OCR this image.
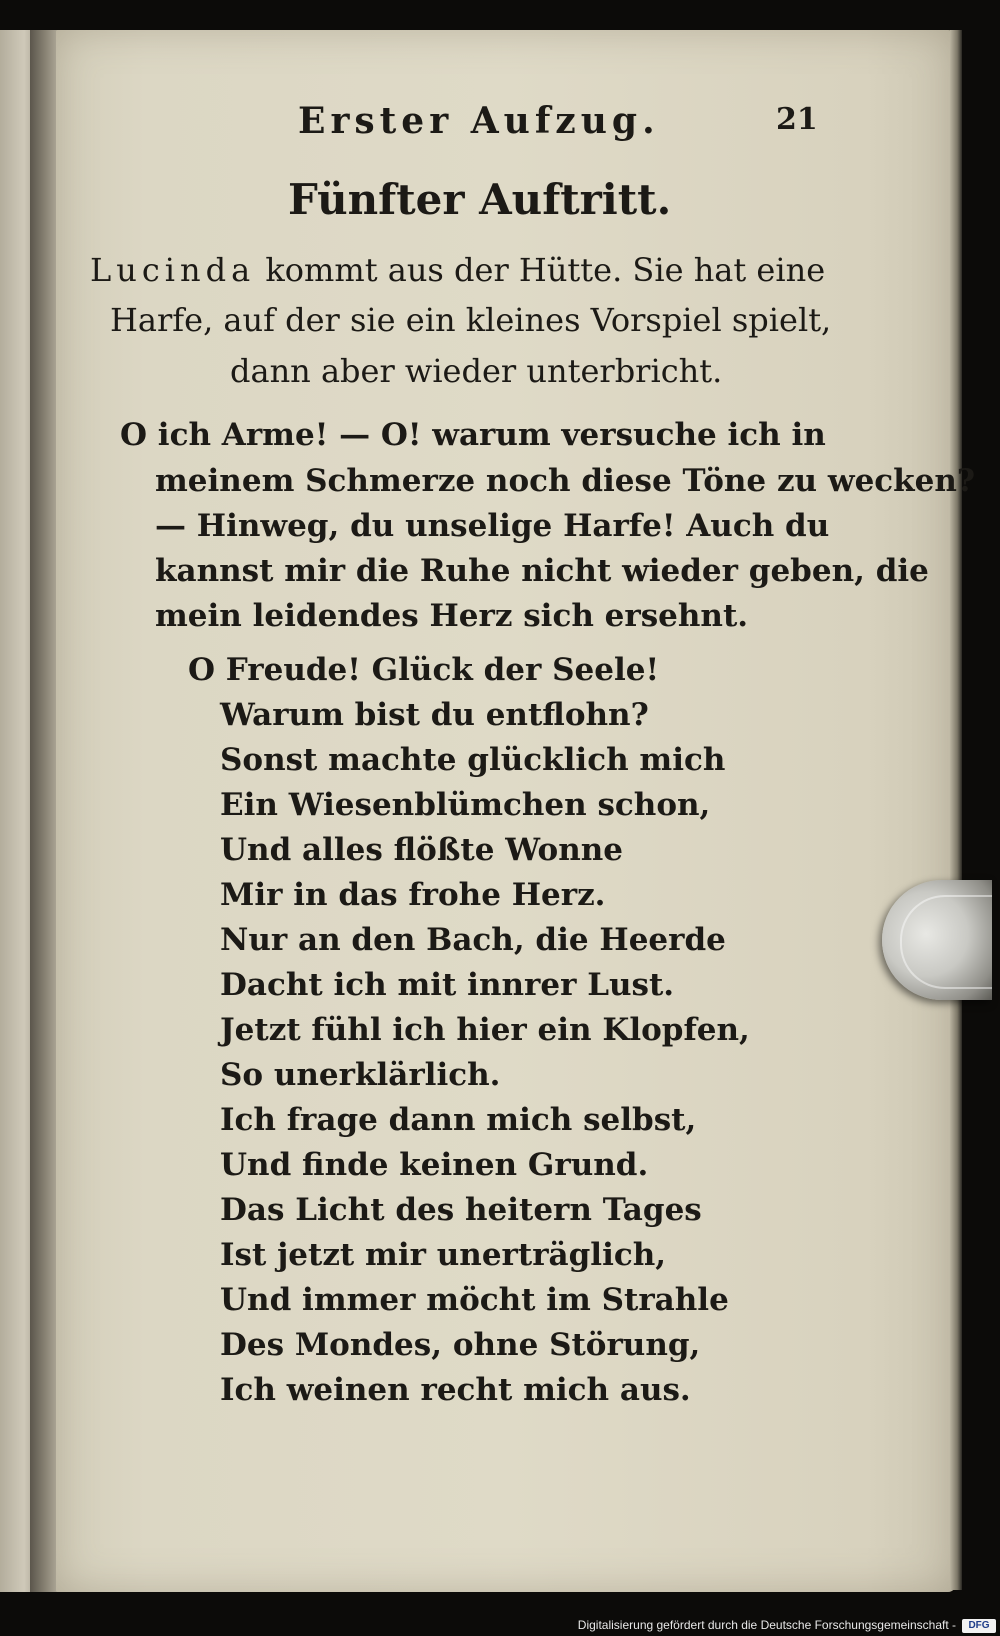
Erster Aufzug.	21
Fünfter Auftritt.
Lucinda kommt aus der Hütte. Sie hat eine
Harfe, auf der sie ein kleines Vorspiel spielt,
dann aber wieder unterbricht.
O ich Arme! — O! warum versuche ich in
meinem Schmerze noch diese Töne zu wecken?
— Hinweg, du unselige Harfe! Auch du
kannst mir die Ruhe nicht wieder geben, die
mein leidendes Herz sich ersehnt.
O Freude! Glück der Seele!
Warum bist du entflohn?
Sonst machte glücklich mich
Ein Wiesenblümchen schon,
Und alles flößte Wonne
Mir in das frohe Herz.
Nur an den Bach, die Heerde
Dacht ich mit innrer Lust.
Jetzt fühl ich hier ein Klopfen,
So unerklärlich.
Ich frage dann mich selbst,
Und finde keinen Grund.
Das Licht des heitern Tages
Ist jetzt mir unerträglich,
Und immer möcht im Strahle
Des Mondes, ohne Störung,
Ich weinen recht mich aus.
Digitalisierung gefördert durch die Deutsche Forschungsgemeinschaft -	DFG
